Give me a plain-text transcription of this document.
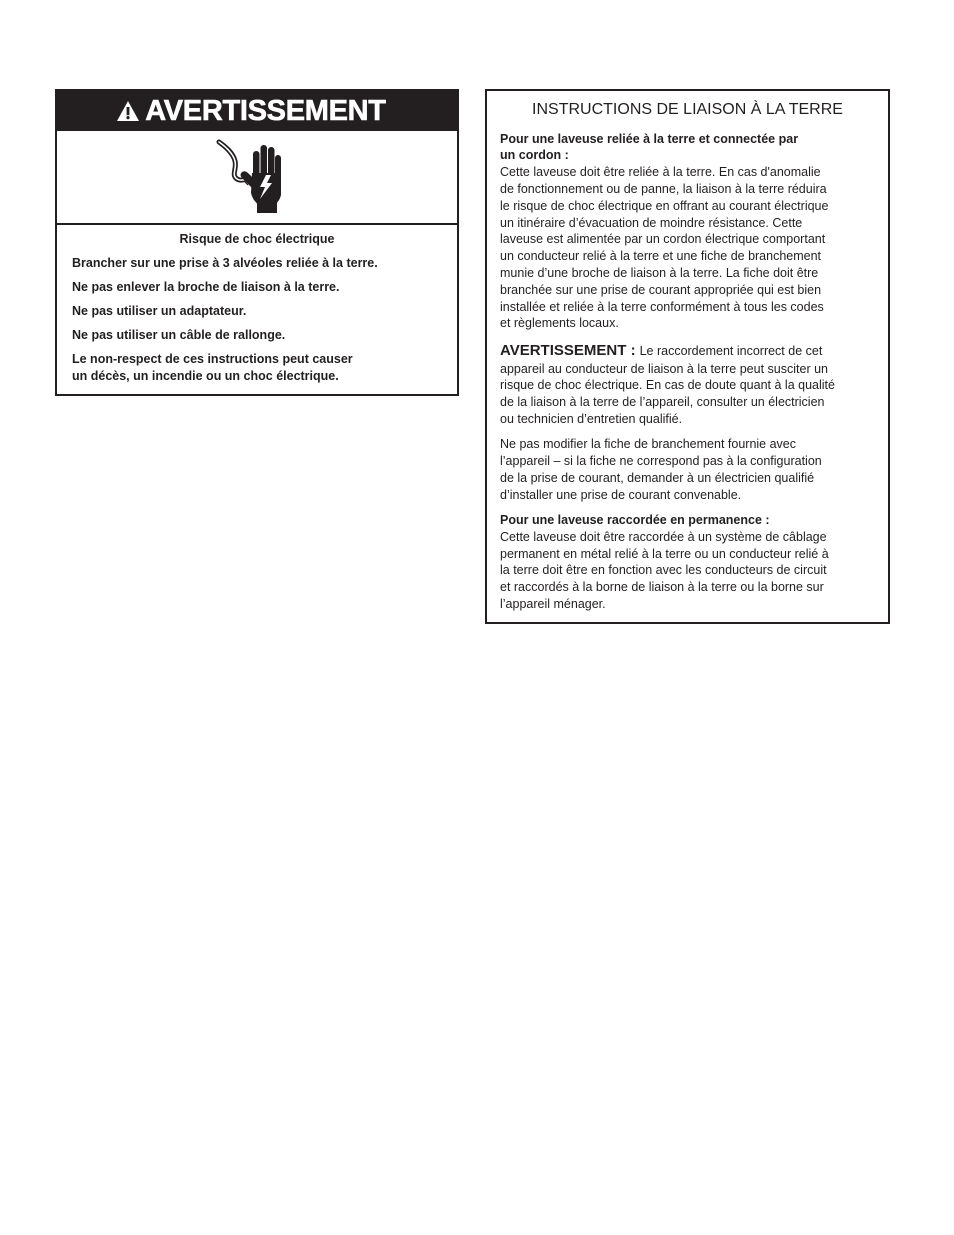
AVERTISSEMENT

Risque de choc électrique

Brancher sur une prise à 3 alvéoles reliée à la terre.

Ne pas enlever la broche de liaison à la terre.

Ne pas utiliser un adaptateur.

Ne pas utiliser un câble de rallonge.

Le non-respect de ces instructions peut causer
un décès, un incendie ou un choc électrique.

INSTRUCTIONS DE LIAISON À LA TERRE
Pour une laveuse reliée à la terre et connectée par
un cordon :
Cette laveuse doit être reliée à la terre. En cas d'anomalie
de fonctionnement ou de panne, la liaison à la terre réduira
le risque de choc électrique en offrant au courant électrique
un itinéraire d’évacuation de moindre résistance. Cette
laveuse est alimentée par un cordon électrique comportant
un conducteur relié à la terre et une fiche de branchement
munie d’une broche de liaison à la terre. La fiche doit être
branchée sur une prise de courant appropriée qui est bien
installée et reliée à la terre conformément à tous les codes
et règlements locaux.
AVERTISSEMENT : Le raccordement incorrect de cet
appareil au conducteur de liaison à la terre peut susciter un
risque de choc électrique. En cas de doute quant à la qualité
de la liaison à la terre de l’appareil, consulter un électricien
ou technicien d’entretien qualifié.
Ne pas modifier la fiche de branchement fournie avec
l’appareil – si la fiche ne correspond pas à la configuration
de la prise de courant, demander à un électricien qualifié
d’installer une prise de courant convenable.
Pour une laveuse raccordée en permanence :
Cette laveuse doit être raccordée à un système de câblage
permanent en métal relié à la terre ou un conducteur relié à
la terre doit être en fonction avec les conducteurs de circuit
et raccordés à la borne de liaison à la terre ou la borne sur
l’appareil ménager.
